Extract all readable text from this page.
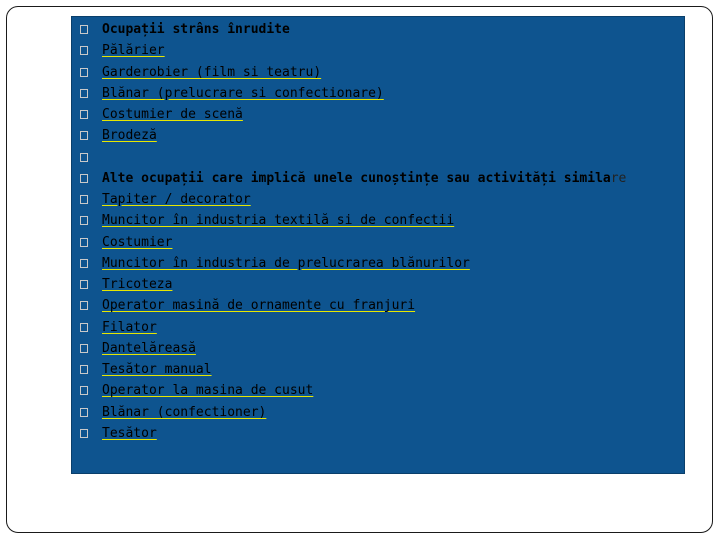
Ocupații strâns înrudite
Pălărier
Garderobier (film si teatru)
Blănar (prelucrare si confectionare)
Costumier de scenă
Brodeză
Alte ocupații care implică unele cunoștințe sau activități similare
Tapiter / decorator
Muncitor în industria textilă si de confectii
Costumier
Muncitor în industria de prelucrarea blănurilor
Tricoteza
Operator masină de ornamente cu franjuri
Filator
Dantelăreasă
Tesător manual
Operator la masina de cusut
Blănar (confectioner)
Tesător
